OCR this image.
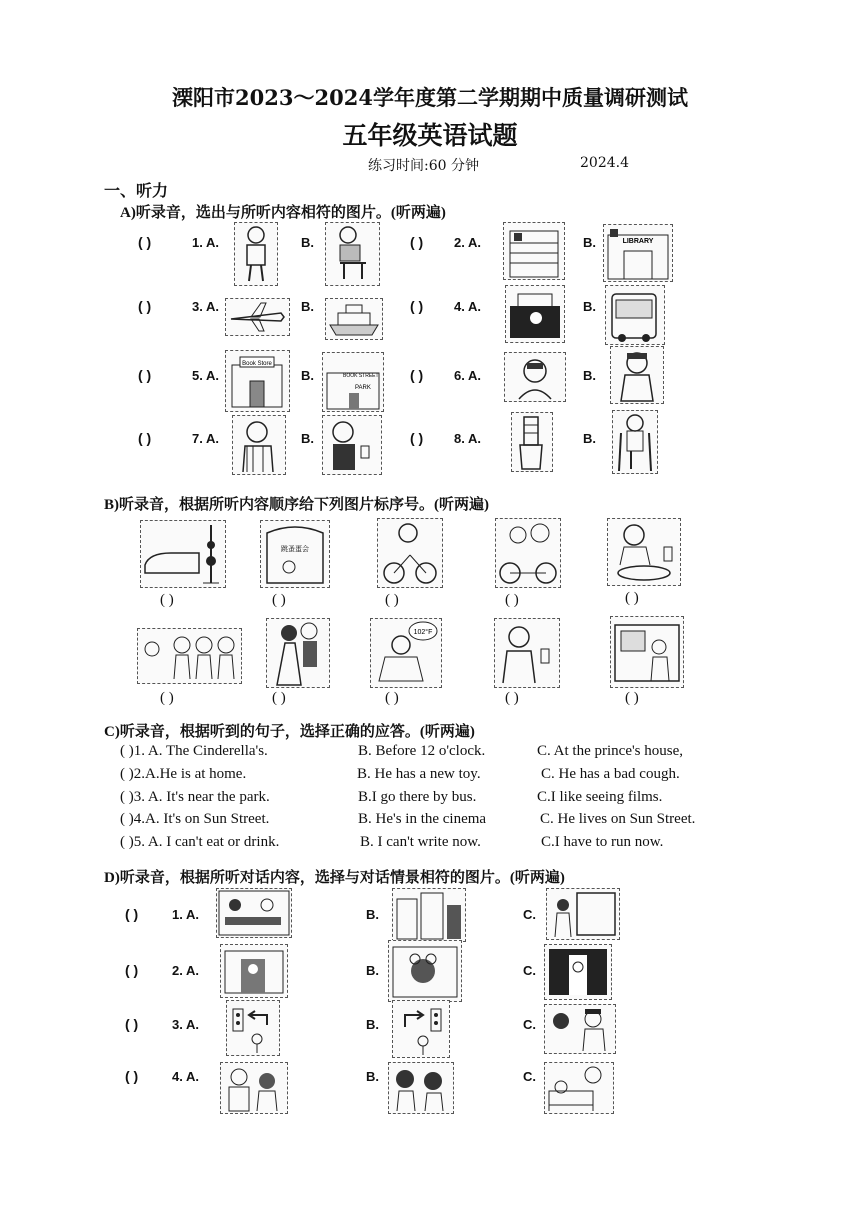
溧阳市2023～2024学年度第二学期期中质量调研测试
五年级英语试题
练习时间:60 分钟	2024.4
一、听力
A)听录音，选出与所听内容相符的图片。(听两遍)
( )	1. A.	B.
( )	3. A.	B.
( )	5. A.
Book Store
B.	BOOK STREET
PARK
( )	7. A.	B.
( ) 2. A.	B.	LIBRARY
( ) 4. A.	B.
( ) 6. A.	B.
( ) 8. A.	B.
B)听录音，根据所听内容顺序给下列图片标序号。(听两遍)
跳蚤蛋会
( )	( )	( )	( )	( )
102°F
( )	( )	( )	( )	( )
C)听录音，根据听到的句子，选择正确的应答。(听两遍)
( )1. A. The Cinderella's.	B. Before 12 o'clock.	C. At the prince's house,
( )2.A.He is at home.	B. He has a new toy.	C. He has a bad cough.
( )3. A. It's near the park.	B.I go there by bus.	C.I like seeing films.
( )4.A. It's on Sun Street.	B. He's in the cinema	C. He lives on Sun Street.
( )5. A. I can't eat or drink.	B. I can't write now.	C.I have to run now.
D)听录音，根据所听对话内容，选择与对话情景相符的图片。(听两遍)
( )	1. A.	B.	C.
( )	2. A.	B.	C.
( )	3. A.	B.	C.
( )	4. A.	B.	C.
